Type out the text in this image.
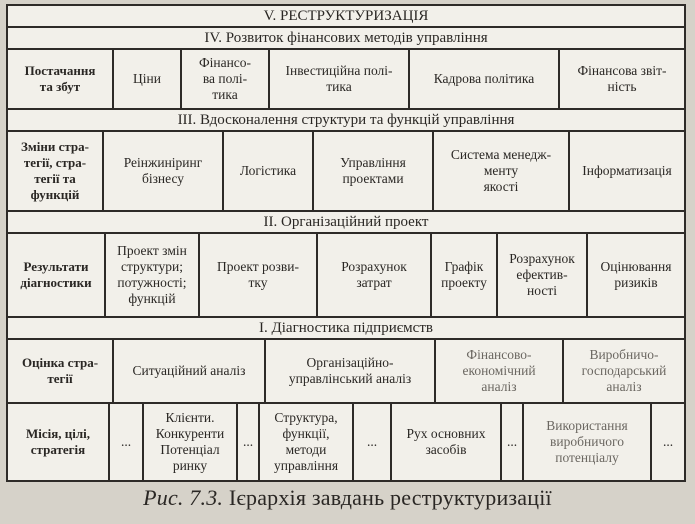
V. РЕСТРУКТУРИЗАЦІЯ
IV. Розвиток фінансових методів управління
Постачання
та збут
Ціни
Фінансо-
ва полі-
тика
Інвестиційна полі-
тика
Кадрова політика
Фінансова звіт-
ність
III. Вдосконалення структури та функцій управління
Зміни стра-
тегії, стра-
тегії та
функцій
Реінжиніринг
бізнесу
Логістика
Управління
проектами
Система менедж-
менту
якості
Інформатизація
II. Організаційний проект
Результати
діагностики
Проект змін
структури;
потужності;
функцій
Проект розви-
тку
Розрахунок
затрат
Графік
проекту
Розрахунок
ефектив-
ності
Оцінювання
ризиків
I. Діагностика підприємств
Оцінка стра-
тегії
Ситуаційний аналіз
Організаційно-
управлінський аналіз
Фінансово-
економічний
аналіз
Виробничо-
господарський
аналіз
Місія, цілі,
стратегія
...
Клієнти.
Конкуренти
Потенціал
ринку
...
Структура,
функції,
методи
управління
...
Рух основних
засобів
...
Використання
виробничого
потенціалу
...
Рис. 7.3. Ієрархія завдань реструктуризації
